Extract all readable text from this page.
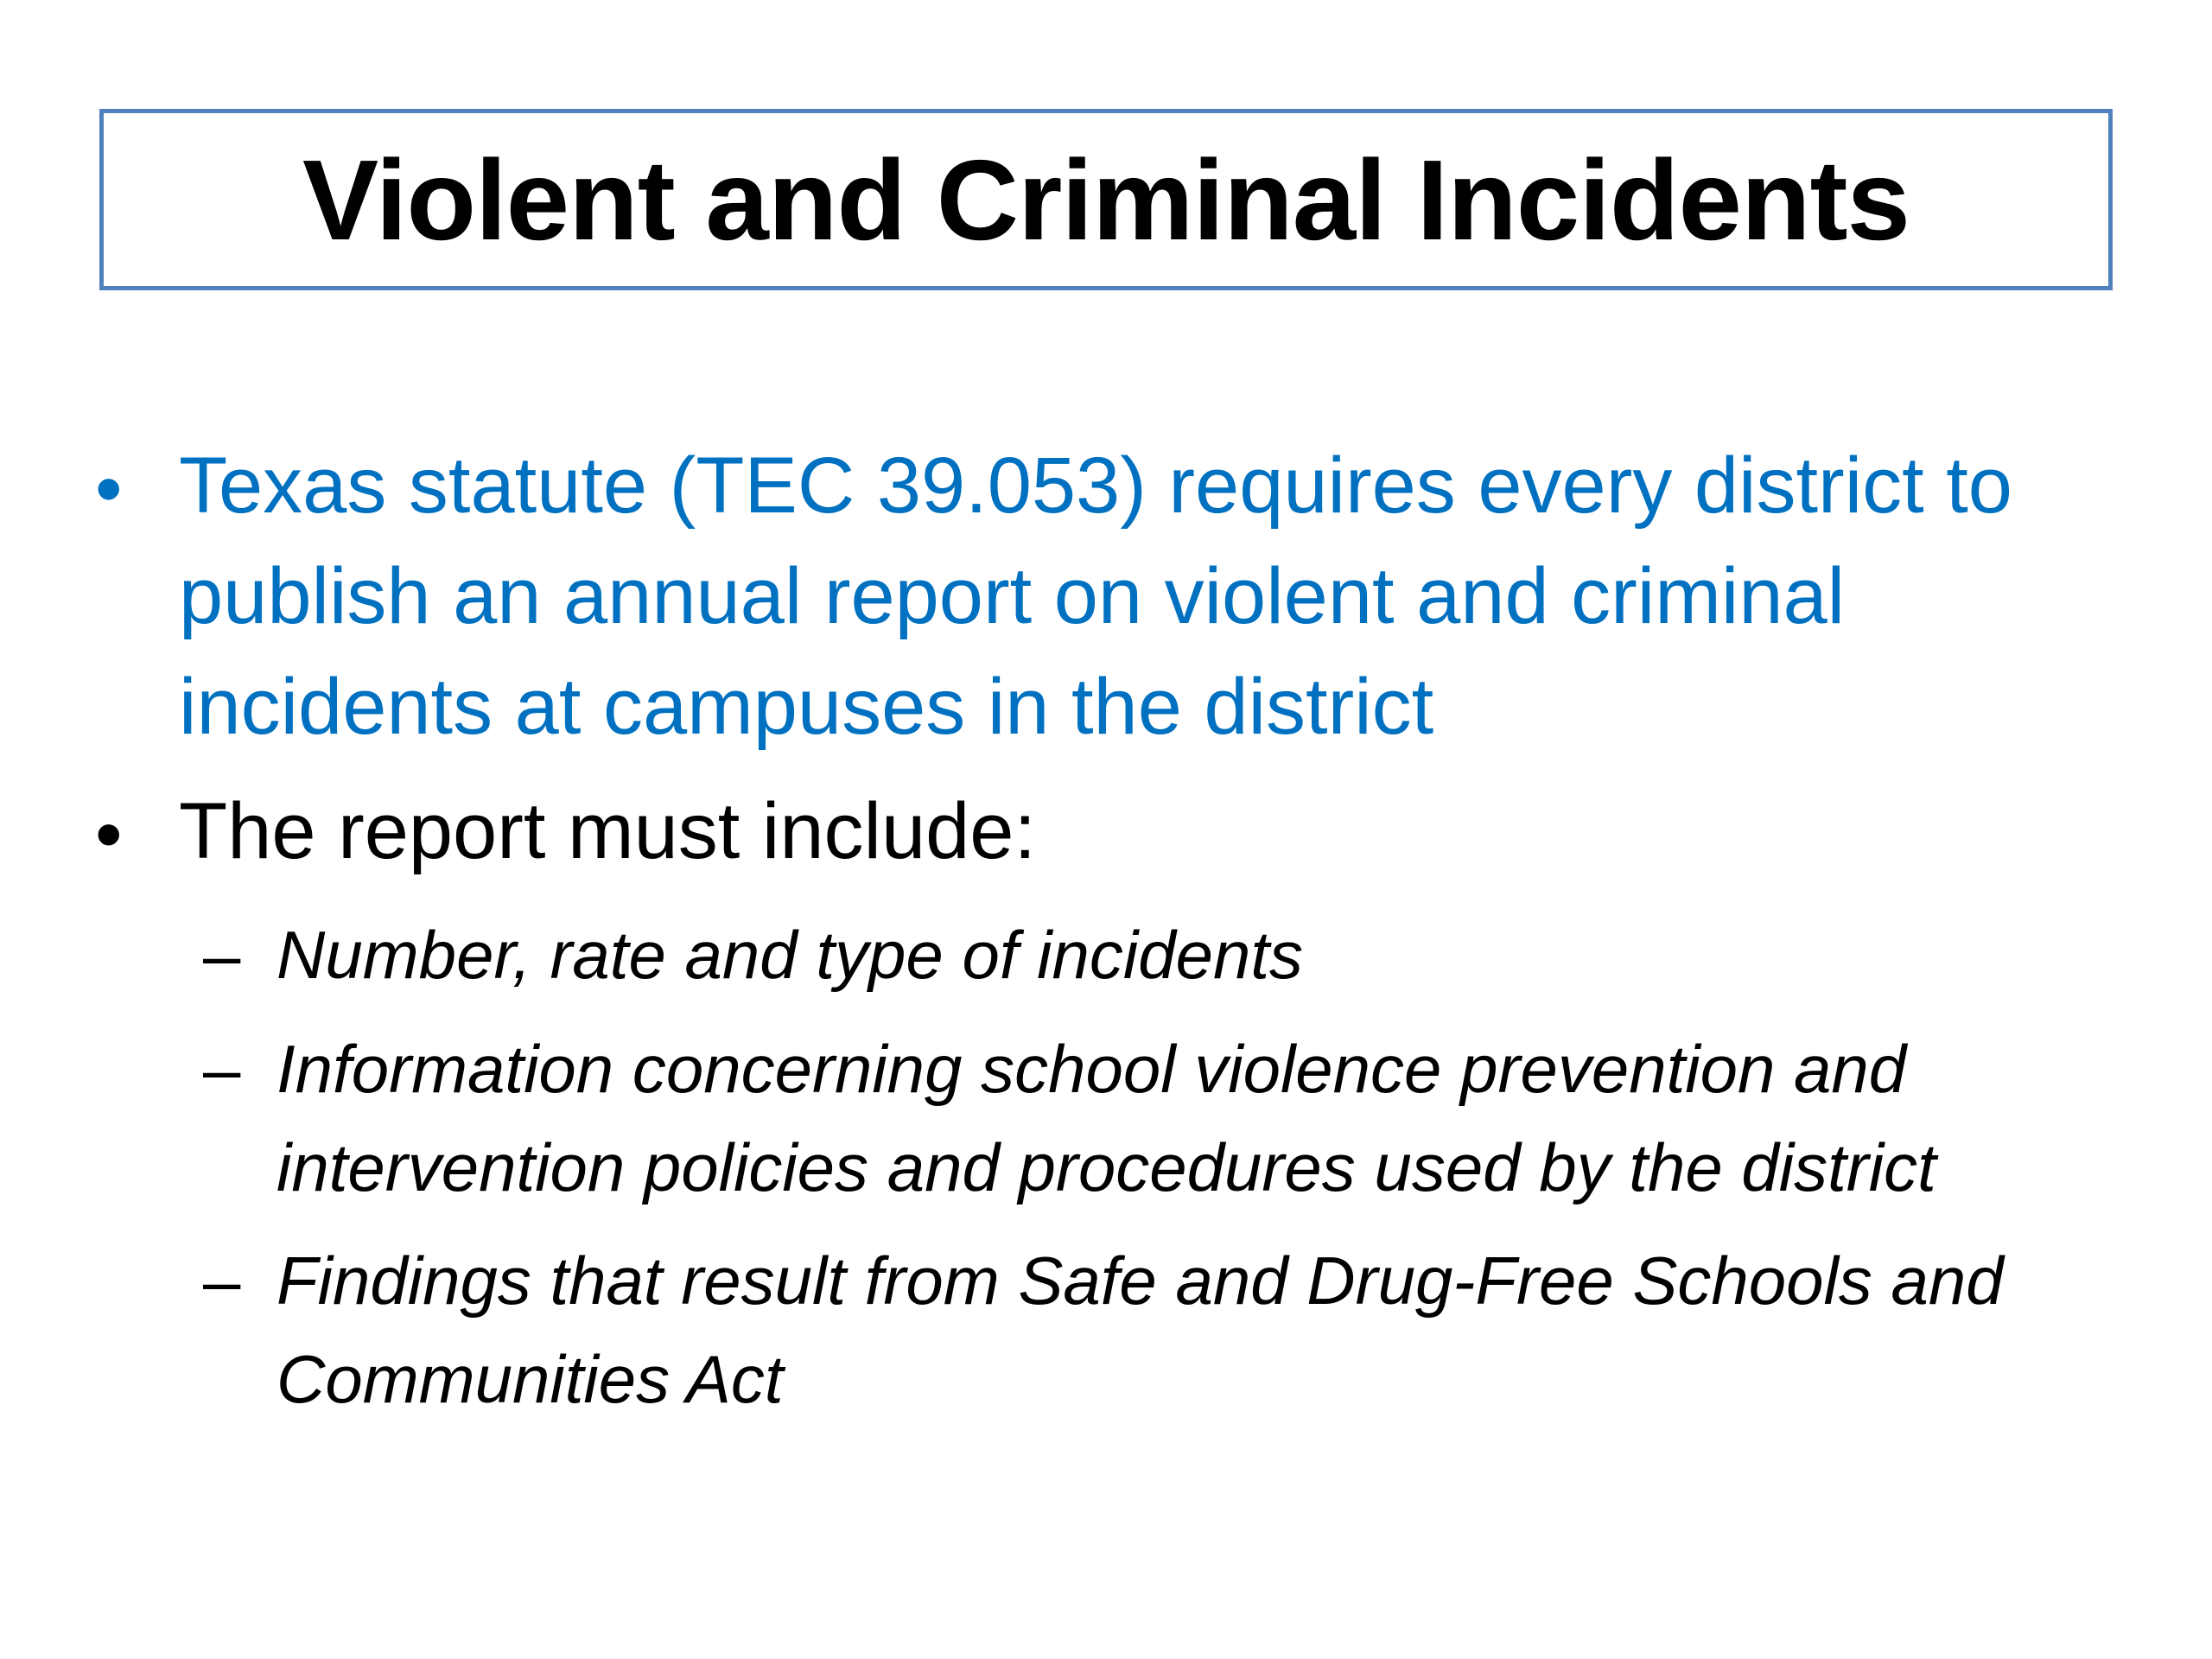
Violent and Criminal Incidents
• Texas statute (TEC 39.053) requires every district to publish an annual report on violent and criminal incidents at campuses in the district
• The report must include:
– Number, rate and type of incidents
– Information concerning school violence prevention and intervention policies and procedures used by the district
– Findings that result from Safe and Drug-Free Schools and Communities Act
